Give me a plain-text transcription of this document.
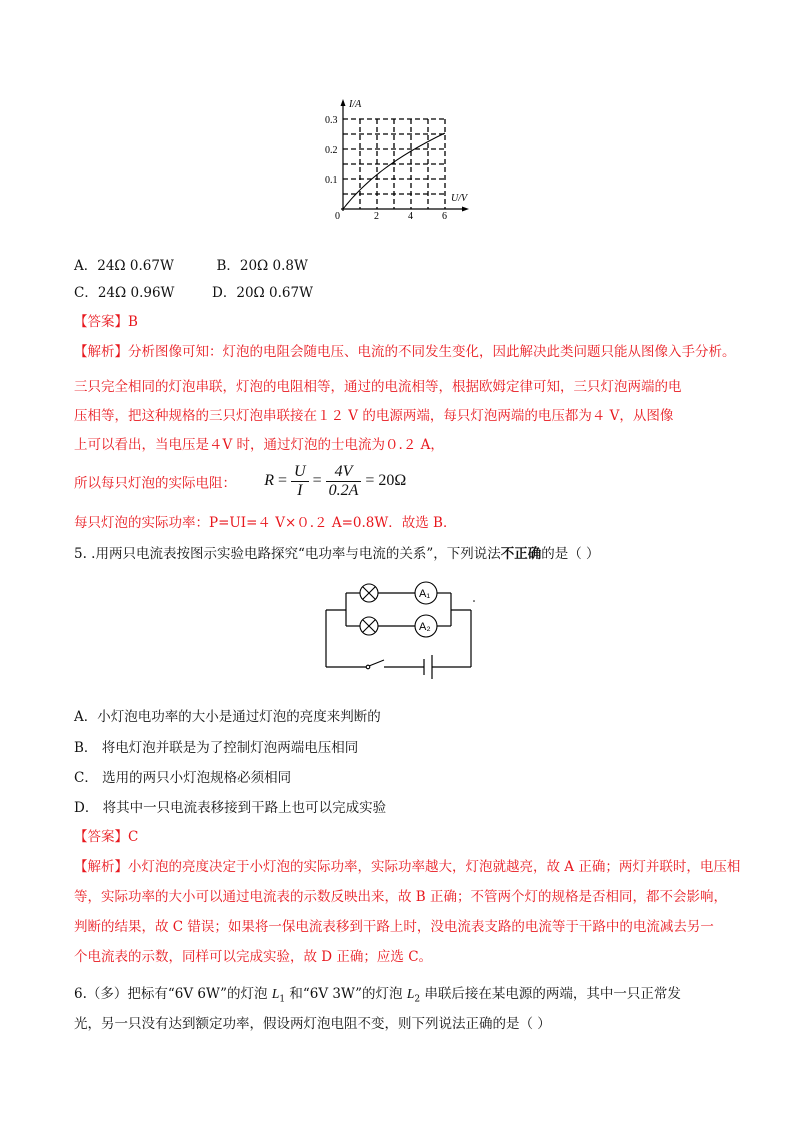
I/A
U/V
0
0.1
0.2
0.3
2	4	6
A．24Ω 0.67W	B．20Ω 0.8W
C．24Ω 0.96W	D．20Ω 0.67W
【答案】B
【解析】分析图像可知：灯泡的电阻会随电压、电流的不同发生变化，因此解决此类问题只能从图像入手分析。
三只完全相同的灯泡串联，灯泡的电阻相等，通过的电流相等，根据欧姆定律可知，三只灯泡两端的电
压相等，把这种规格的三只灯泡串联接在１２ V 的电源两端，每只灯泡两端的电压都为４ V，从图像
上可以看出，当电压是４V 时，通过灯泡的士电流为０.２ A，
所以每只灯泡的实际电阻： $R = \frac{U}{I} = \frac{4V}{0.2A} = 20\Omega$
每只灯泡的实际功率：P=UI=４ V×０.２ A=0.8W．故选 B．
5. .用两只电流表按图示实验电路探究“电功率与电流的关系”，下列说法不正确的是（ ）
A₁
A₂
A．小灯泡电功率的大小是通过灯泡的亮度来判断的
B． 将电灯泡并联是为了控制灯泡两端电压相同
C． 选用的两只小灯泡规格必须相同
D． 将其中一只电流表移接到干路上也可以完成实验
【答案】C
【解析】小灯泡的亮度决定于小灯泡的实际功率，实际功率越大，灯泡就越亮，故 A 正确；两灯并联时，电压相
等，实际功率的大小可以通过电流表的示数反映出来，故 B 正确；不管两个灯的规格是否相同，都不会影响，
判断的结果，故 C 错误；如果将一保电流表移到干路上时，没电流表支路的电流等于干路中的电流减去另一
个电流表的示数，同样可以完成实验，故 D 正确；应选 C。
6.（多）把标有“6V 6W”的灯泡 $L_1$ 和“6V 3W”的灯泡 $L_2$ 串联后接在某电源的两端，其中一只正常发
光，另一只没有达到额定功率，假设两灯泡电阻不变，则下列说法正确的是（ ）
